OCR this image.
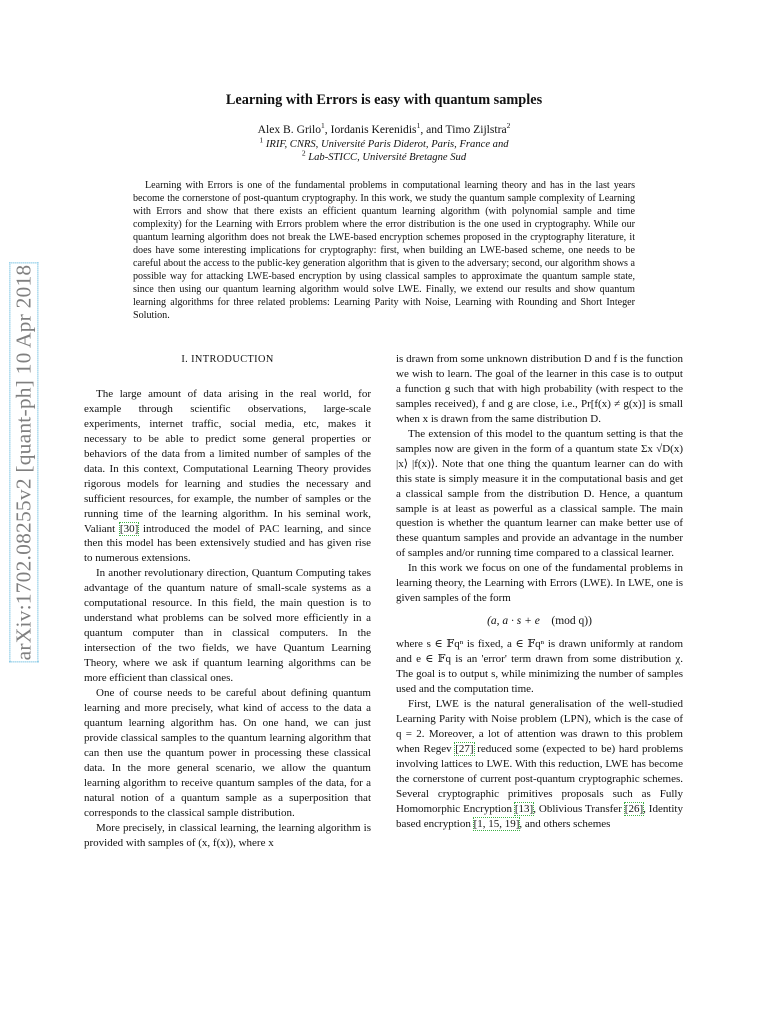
arXiv:1702.08255v2 [quant-ph] 10 Apr 2018
Learning with Errors is easy with quantum samples
Alex B. Grilo$^1$, Iordanis Kerenidis$^1$, and Timo Zijlstra$^2$
$^1$ IRIF, CNRS, Université Paris Diderot, Paris, France and
$^2$ Lab-STICC, Université Bretagne Sud

Learning with Errors is one of the fundamental problems in computational learning theory and has in the last years become the cornerstone of post-quantum cryptography. In this work, we study the quantum sample complexity of Learning with Errors and show that there exists an efficient quantum learning algorithm (with polynomial sample and time complexity) for the Learning with Errors problem where the error distribution is the one used in cryptography. While our quantum learning algorithm does not break the LWE-based encryption schemes proposed in the cryptography literature, it does have some interesting implications for cryptography: first, when building an LWE-based scheme, one needs to be careful about the access to the public-key generation algorithm that is given to the adversary; second, our algorithm shows a possible way for attacking LWE-based encryption by using classical samples to approximate the quantum sample state, since then using our quantum learning algorithm would solve LWE. Finally, we extend our results and show quantum learning algorithms for three related problems: Learning Parity with Noise, Learning with Rounding and Short Integer Solution.

I. INTRODUCTION

The large amount of data arising in the real world, for example through scientific observations, large-scale experiments, internet traffic, social media, etc, makes it necessary to be able to predict some general properties or behaviors of the data from a limited number of samples of the data. In this context, Computational Learning Theory provides rigorous models for learning and studies the necessary and sufficient resources, for example, the number of samples or the running time of the learning algorithm. In his seminal work, Valiant [30] introduced the model of PAC learning, and since then this model has been extensively studied and has given rise to numerous extensions.

In another revolutionary direction, Quantum Computing takes advantage of the quantum nature of small-scale systems as a computational resource. In this field, the main question is to understand what problems can be solved more efficiently in a quantum computer than in classical computers. In the intersection of the two fields, we have Quantum Learning Theory, where we ask if quantum learning algorithms can be more efficient than classical ones.

One of course needs to be careful about defining quantum learning and more precisely, what kind of access to the data a quantum learning algorithm has. On one hand, we can just provide classical samples to the quantum learning algorithm that can then use the quantum power in processing these classical data. In the more general scenario, we allow the quantum learning algorithm to receive quantum samples of the data, for a natural notion of a quantum sample as a superposition that corresponds to the classical sample distribution.

More precisely, in classical learning, the learning algorithm is provided with samples of (x, f(x)), where x

is drawn from some unknown distribution D and f is the function we wish to learn. The goal of the learner in this case is to output a function g such that with high probability (with respect to the samples received), f and g are close, i.e., Pr[f(x) ≠ g(x)] is small when x is drawn from the same distribution D.

The extension of this model to the quantum setting is that the samples now are given in the form of a quantum state Σx √D(x) |x⟩ |f(x)⟩. Note that one thing the quantum learner can do with this state is simply measure it in the computational basis and get a classical sample from the distribution D. Hence, a quantum sample is at least as powerful as a classical sample. The main question is whether the quantum learner can make better use of these quantum samples and provide an advantage in the number of samples and/or running time compared to a classical learner.

In this work we focus on one of the fundamental problems in learning theory, the Learning with Errors (LWE). In LWE, one is given samples of the form

(a, a · s + e (mod q))

where s ∈ 𝔽qⁿ is fixed, a ∈ 𝔽qⁿ is drawn uniformly at random and e ∈ 𝔽q is an 'error' term drawn from some distribution χ. The goal is to output s, while minimizing the number of samples used and the computation time.

First, LWE is the natural generalisation of the well-studied Learning Parity with Noise problem (LPN), which is the case of q = 2. Moreover, a lot of attention was drawn to this problem when Regev [27] reduced some (expected to be) hard problems involving lattices to LWE. With this reduction, LWE has become the cornerstone of current post-quantum cryptographic schemes. Several cryptographic primitives proposals such as Fully Homomorphic Encryption [13], Oblivious Transfer [26], Identity based encryption [1, 15, 19], and others schemes
